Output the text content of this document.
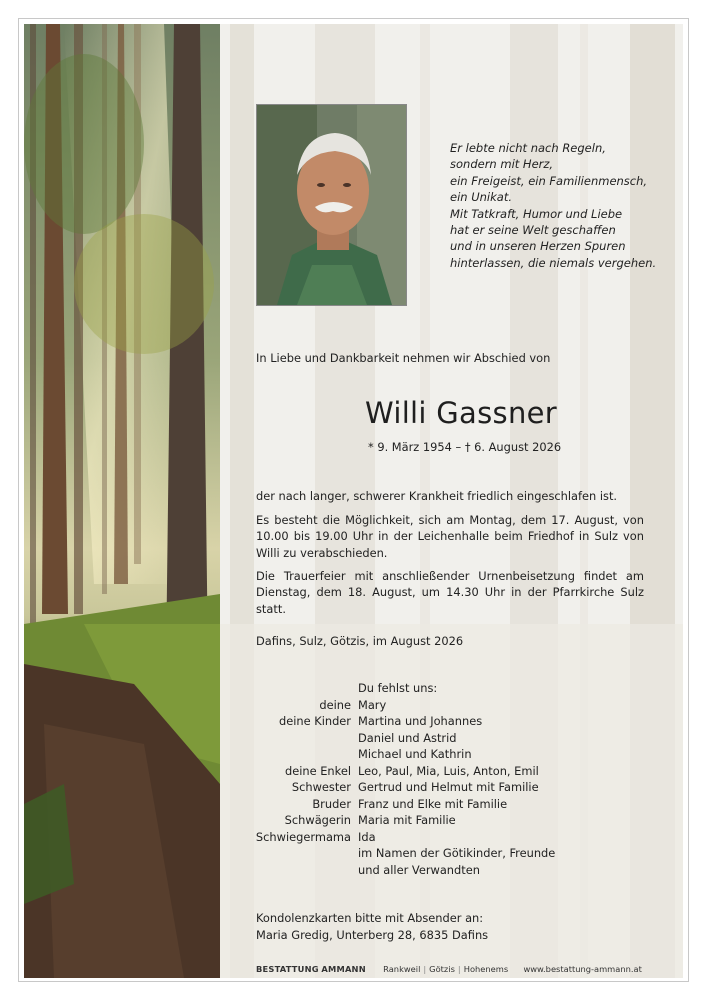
Er lebte nicht nach Regeln,
sondern mit Herz,
ein Freigeist, ein Familienmensch,
ein Unikat.
Mit Tatkraft, Humor und Liebe
hat er seine Welt geschaffen
und in unseren Herzen Spuren
hinterlassen, die niemals vergehen.
In Liebe und Dankbarkeit nehmen wir Abschied von
Willi Gassner
* 9. März 1954 – † 6. August 2026
der nach langer, schwerer Krankheit friedlich eingeschlafen ist.
Es besteht die Möglichkeit, sich am Montag, dem 17. August, von 10.00 bis 19.00 Uhr in der Leichenhalle beim Friedhof in Sulz von Willi zu verabschieden.
Die Trauerfeier mit anschließender Urnenbeisetzung findet am Dienstag, dem 18. August, um 14.30 Uhr in der Pfarrkirche Sulz statt.
Dafins, Sulz, Götzis, im August 2026
Du fehlst uns:
deine Mary
deine Kinder Martina und Johannes
Daniel und Astrid
Michael und Kathrin
deine Enkel Leo, Paul, Mia, Luis, Anton, Emil
Schwester Gertrud und Helmut mit Familie
Bruder Franz und Elke mit Familie
Schwägerin Maria mit Familie
Schwiegermama Ida
im Namen der Götikinder, Freunde
und aller Verwandten
Kondolenzkarten bitte mit Absender an:
Maria Gredig, Unterberg 28, 6835 Dafins
BESTATTUNG AMMANN Rankweil | Götzis | Hohenems www.bestattung-ammann.at
